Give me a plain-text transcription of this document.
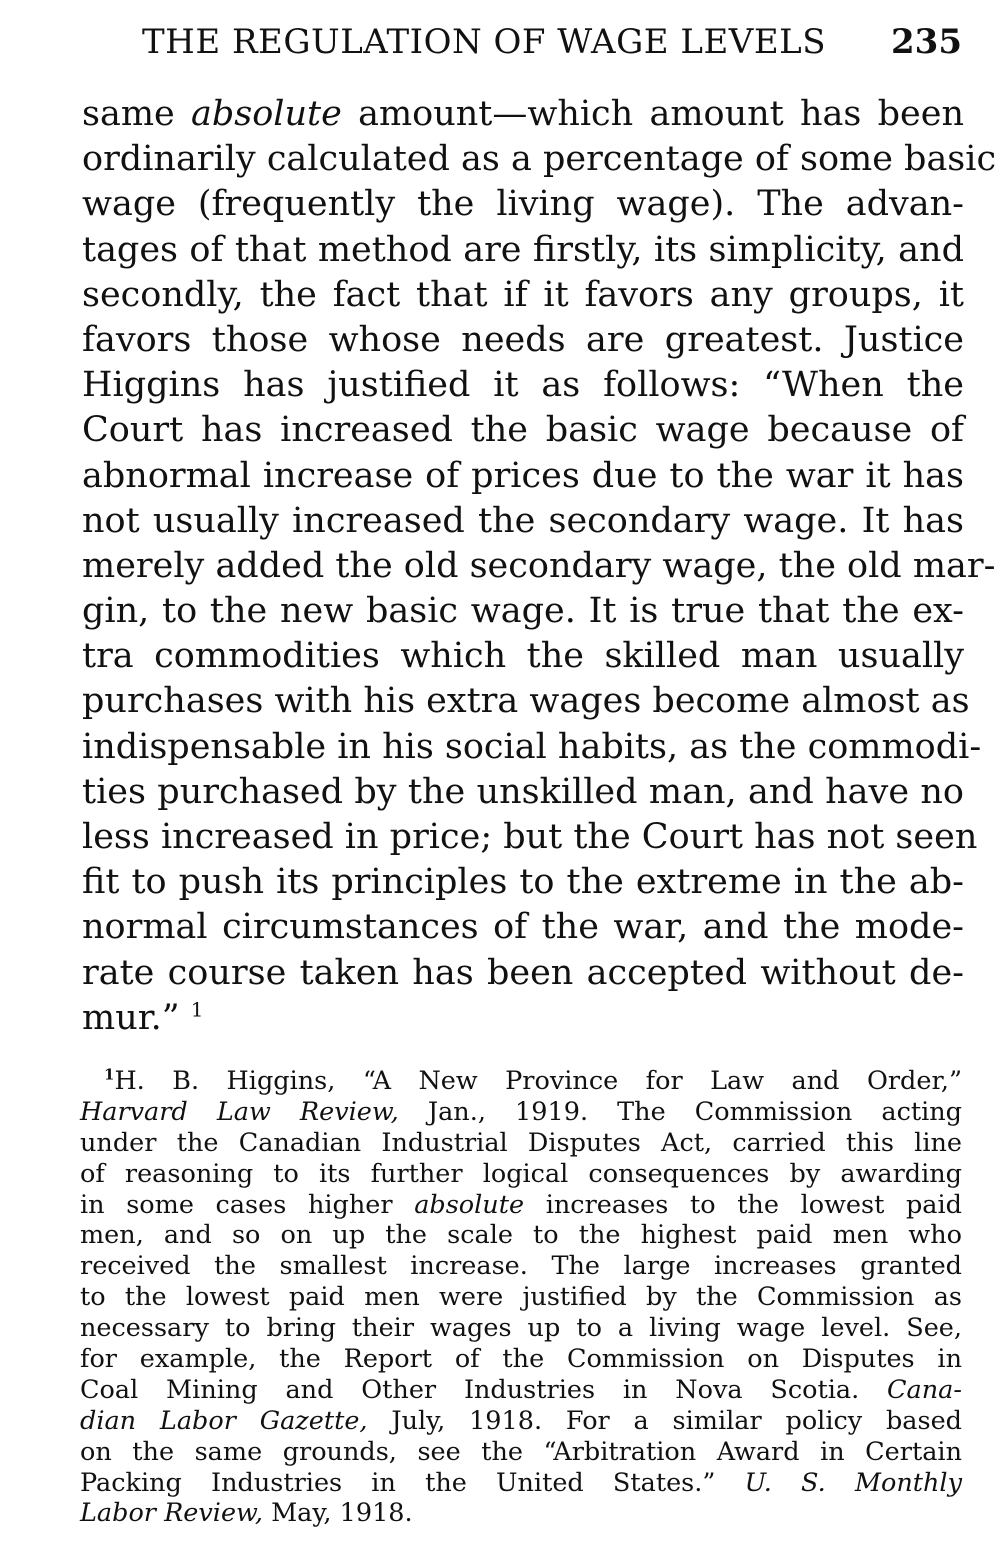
THE REGULATION OF WAGE LEVELS 235
same absolute amount—which amount has been
ordinarily calculated as a percentage of some basic
wage (frequently the living wage). The advan-
tages of that method are firstly, its simplicity, and
secondly, the fact that if it favors any groups, it
favors those whose needs are greatest. Justice
Higgins has justified it as follows: “When the
Court has increased the basic wage because of
abnormal increase of prices due to the war it has
not usually increased the secondary wage. It has
merely added the old secondary wage, the old mar-
gin, to the new basic wage. It is true that the ex-
tra commodities which the skilled man usually
purchases with his extra wages become almost as
indispensable in his social habits, as the commodi-
ties purchased by the unskilled man, and have no
less increased in price; but the Court has not seen
fit to push its principles to the extreme in the ab-
normal circumstances of the war, and the mode-
rate course taken has been accepted without de-
mur.” $^1$
$^1$H. B. Higgins, “A New Province for Law and Order,”
Harvard Law Review, Jan., 1919. The Commission acting
under the Canadian Industrial Disputes Act, carried this line
of reasoning to its further logical consequences by awarding
in some cases higher absolute increases to the lowest paid
men, and so on up the scale to the highest paid men who
received the smallest increase. The large increases granted
to the lowest paid men were justified by the Commission as
necessary to bring their wages up to a living wage level. See,
for example, the Report of the Commission on Disputes in
Coal Mining and Other Industries in Nova Scotia. Cana-
dian Labor Gazette, July, 1918. For a similar policy based
on the same grounds, see the “Arbitration Award in Certain
Packing Industries in the United States.” U. S. Monthly
Labor Review, May, 1918.
